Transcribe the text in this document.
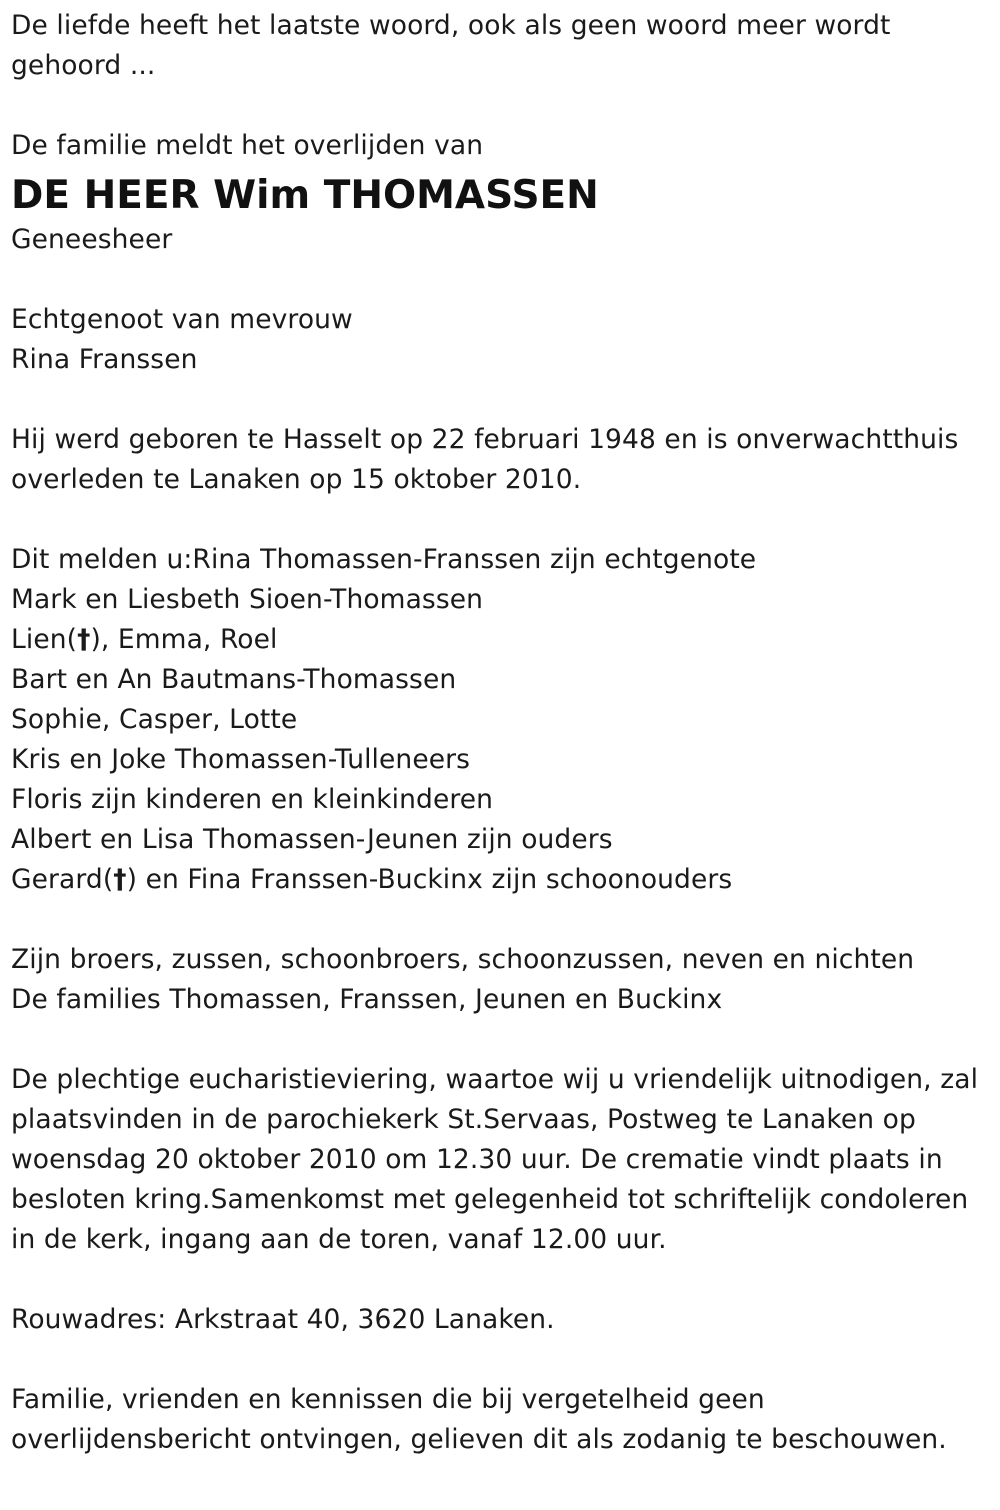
De liefde heeft het laatste woord, ook als geen woord meer wordt
gehoord ...
De familie meldt het overlijden van
DE HEER Wim THOMASSEN
Geneesheer
Echtgenoot van mevrouw
Rina Franssen
Hij werd geboren te Hasselt op 22 februari 1948 en is onverwachtthuis
overleden te Lanaken op 15 oktober 2010.
Dit melden u:Rina Thomassen-Franssen zijn echtgenote
Mark en Liesbeth Sioen-Thomassen
Lien(†), Emma, Roel
Bart en An Bautmans-Thomassen
Sophie, Casper, Lotte
Kris en Joke Thomassen-Tulleneers
Floris zijn kinderen en kleinkinderen
Albert en Lisa Thomassen-Jeunen zijn ouders
Gerard(†) en Fina Franssen-Buckinx zijn schoonouders
Zijn broers, zussen, schoonbroers, schoonzussen, neven en nichten
De families Thomassen, Franssen, Jeunen en Buckinx
De plechtige eucharistieviering, waartoe wij u vriendelijk uitnodigen, zal
plaatsvinden in de parochiekerk St.Servaas, Postweg te Lanaken op
woensdag 20 oktober 2010 om 12.30 uur. De crematie vindt plaats in
besloten kring.Samenkomst met gelegenheid tot schriftelijk condoleren
in de kerk, ingang aan de toren, vanaf 12.00 uur.
Rouwadres: Arkstraat 40, 3620 Lanaken.
Familie, vrienden en kennissen die bij vergetelheid geen
overlijdensbericht ontvingen, gelieven dit als zodanig te beschouwen.
